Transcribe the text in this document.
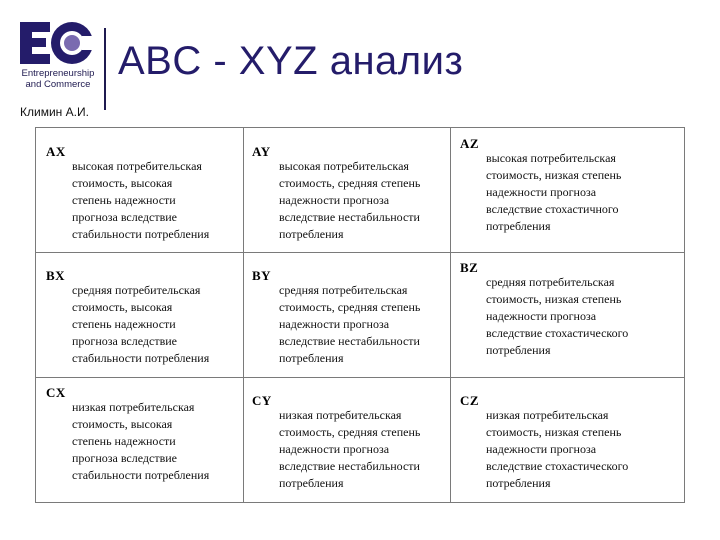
Entrepreneurship
and Commerce
ABC - XYZ анализ
Климин А.И.
AX
высокая потребительская
стоимость, высокая
степень надежности
прогноза вследствие
стабильности потребления
AY
высокая потребительская
стоимость, средняя степень
надежности прогноза
вследствие нестабильности
потребления
AZ
высокая потребительская
стоимость, низкая степень
надежности прогноза
вследствие стохастичного
потребления
BX
средняя потребительская
стоимость, высокая
степень надежности
прогноза вследствие
стабильности потребления
BY
средняя потребительская
стоимость, средняя степень
надежности прогноза
вследствие нестабильности
потребления
BZ
средняя потребительская
стоимость, низкая степень
надежности прогноза
вследствие стохастического
потребления
CX
низкая потребительская
стоимость, высокая
степень надежности
прогноза вследствие
стабильности потребления
CY
низкая потребительская
стоимость, средняя степень
надежности прогноза
вследствие нестабильности
потребления
CZ
низкая потребительская
стоимость, низкая степень
надежности прогноза
вследствие стохастического
потребления
